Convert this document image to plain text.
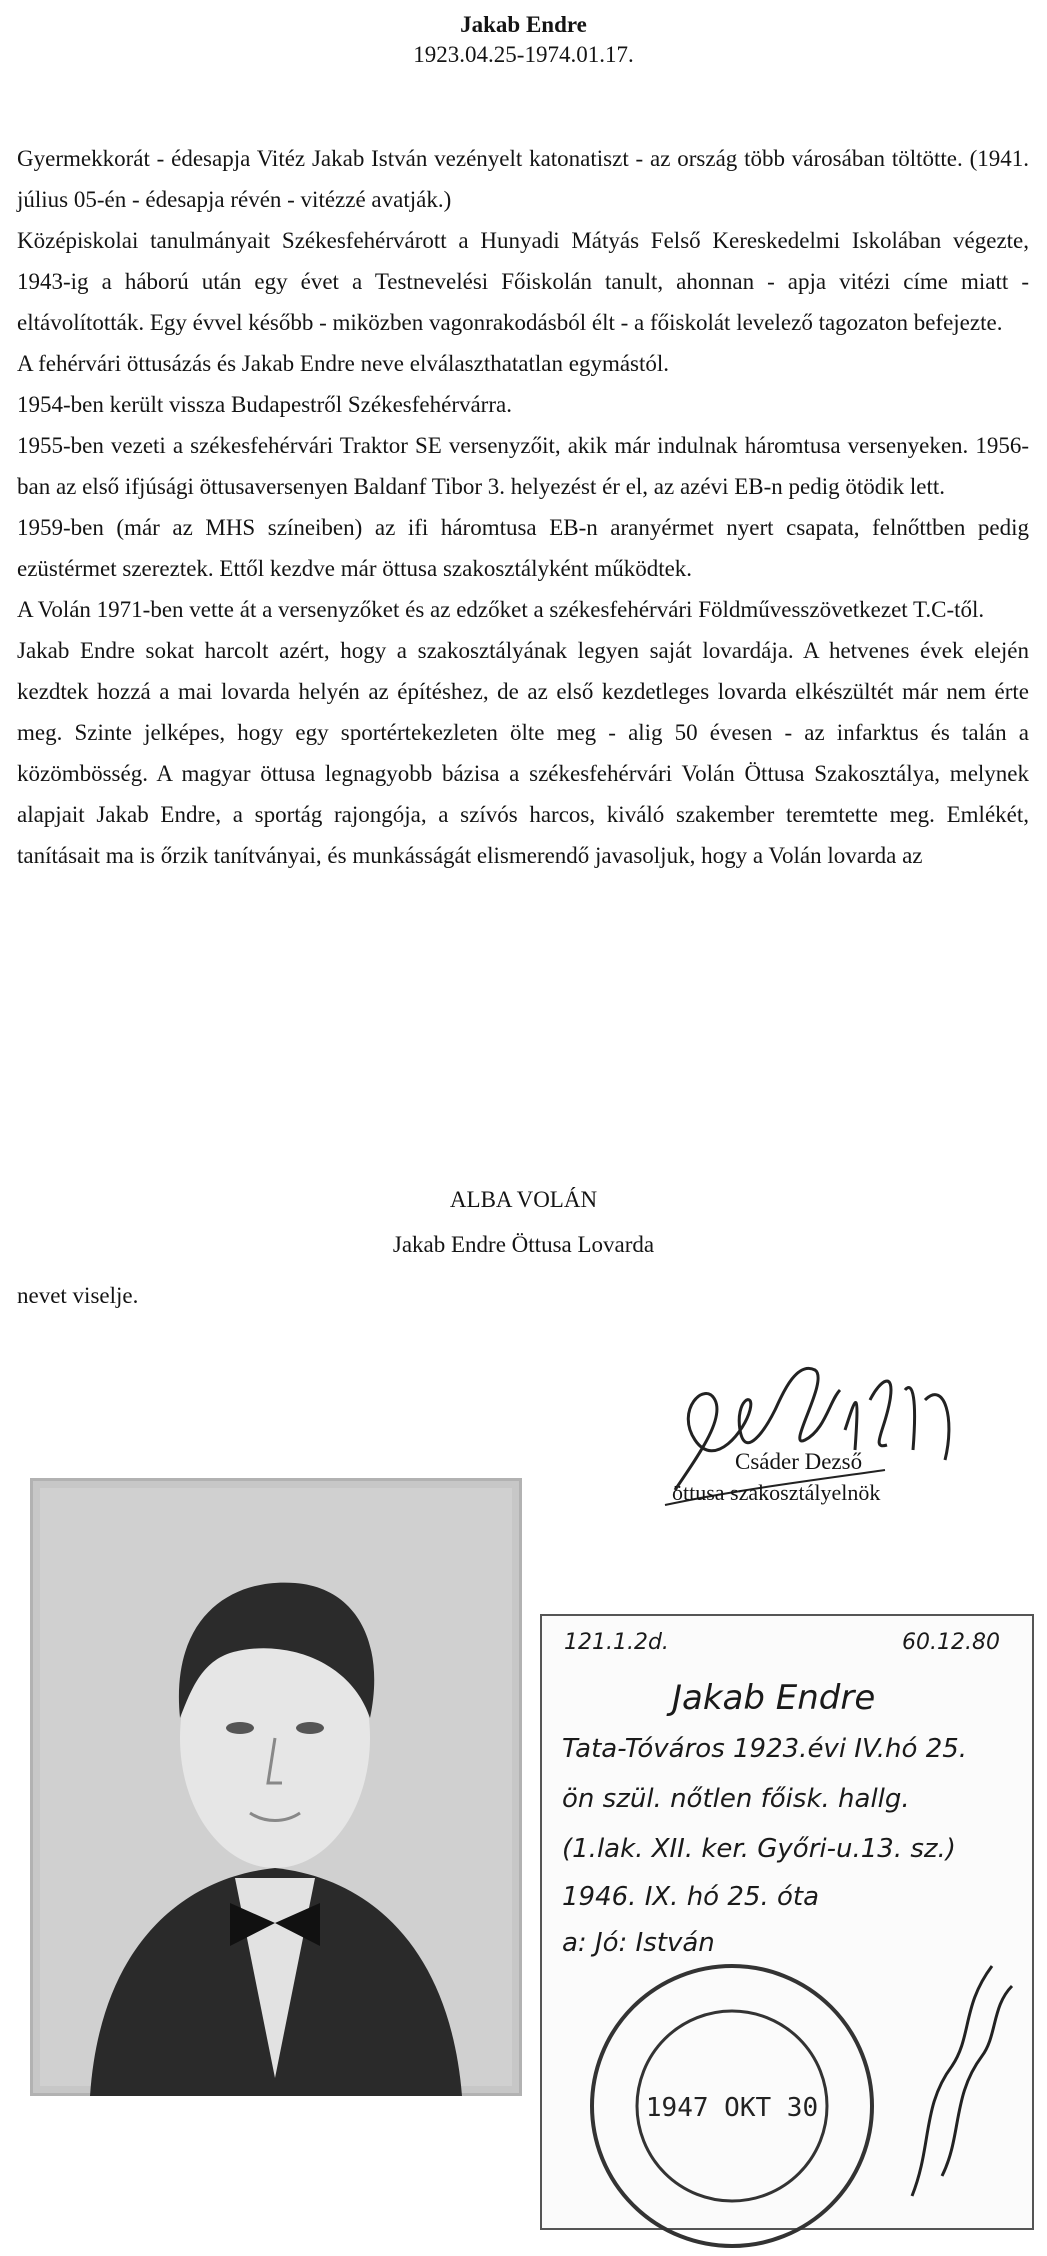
Jakab Endre
1923.04.25-1974.01.17.

Gyermekkorát - édesapja Vitéz Jakab István vezényelt katonatiszt - az ország több városában töltötte. (1941. július 05-én - édesapja révén - vitézzé avatják.)

Középiskolai tanulmányait Székesfehérvárott a Hunyadi Mátyás Felső Kereskedelmi Iskolában végezte, 1943-ig a háború után egy évet a Testnevelési Főiskolán tanult, ahonnan - apja vitézi címe miatt - eltávolították. Egy évvel később - miközben vagonrakodásból élt - a főiskolát levelező tagozaton befejezte.

A fehérvári öttusázás és Jakab Endre neve elválaszthatatlan egymástól.

1954-ben került vissza Budapestről Székesfehérvárra.

1955-ben vezeti a székesfehérvári Traktor SE versenyzőit, akik már indulnak háromtusa versenyeken. 1956-ban az első ifjúsági öttusaversenyen Baldanf Tibor 3. helyezést ér el, az azévi EB-n pedig ötödik lett.

1959-ben (már az MHS színeiben) az ifi háromtusa EB-n aranyérmet nyert csapata, felnőttben pedig ezüstérmet szereztek. Ettől kezdve már öttusa szakosztályként működtek.

A Volán 1971-ben vette át a versenyzőket és az edzőket a székesfehérvári Földművesszövetkezet T.C-től.

Jakab Endre sokat harcolt azért, hogy a szakosztályának legyen saját lovardája. A hetvenes évek elején kezdtek hozzá a mai lovarda helyén az építéshez, de az első kezdetleges lovarda elkészültét már nem érte meg. Szinte jelképes, hogy egy sportértekezleten ölte meg - alig 50 évesen - az infarktus és talán a közömbösség. A magyar öttusa legnagyobb bázisa a székesfehérvári Volán Öttusa Szakosztálya, melynek alapjait Jakab Endre, a sportág rajongója, a szívós harcos, kiváló szakember teremtette meg. Emlékét, tanításait ma is őrzik tanítványai, és munkásságát elismerendő javasoljuk, hogy a Volán lovarda az

ALBA VOLÁN
Jakab Endre Öttusa Lovarda
nevet viselje.
Csáder Dezső
öttusa szakosztályelnök
121.1.2d.	60.12.80
Jakab Endre
Tata-Tóváros 1923.évi IV.hó 25.
ön szül. nőtlen főisk. hallg.
(1.lak. XII. ker. Győri-u.13. sz.)
1946. IX. hó 25. óta
a: Jó: István
1947 OKT 30
